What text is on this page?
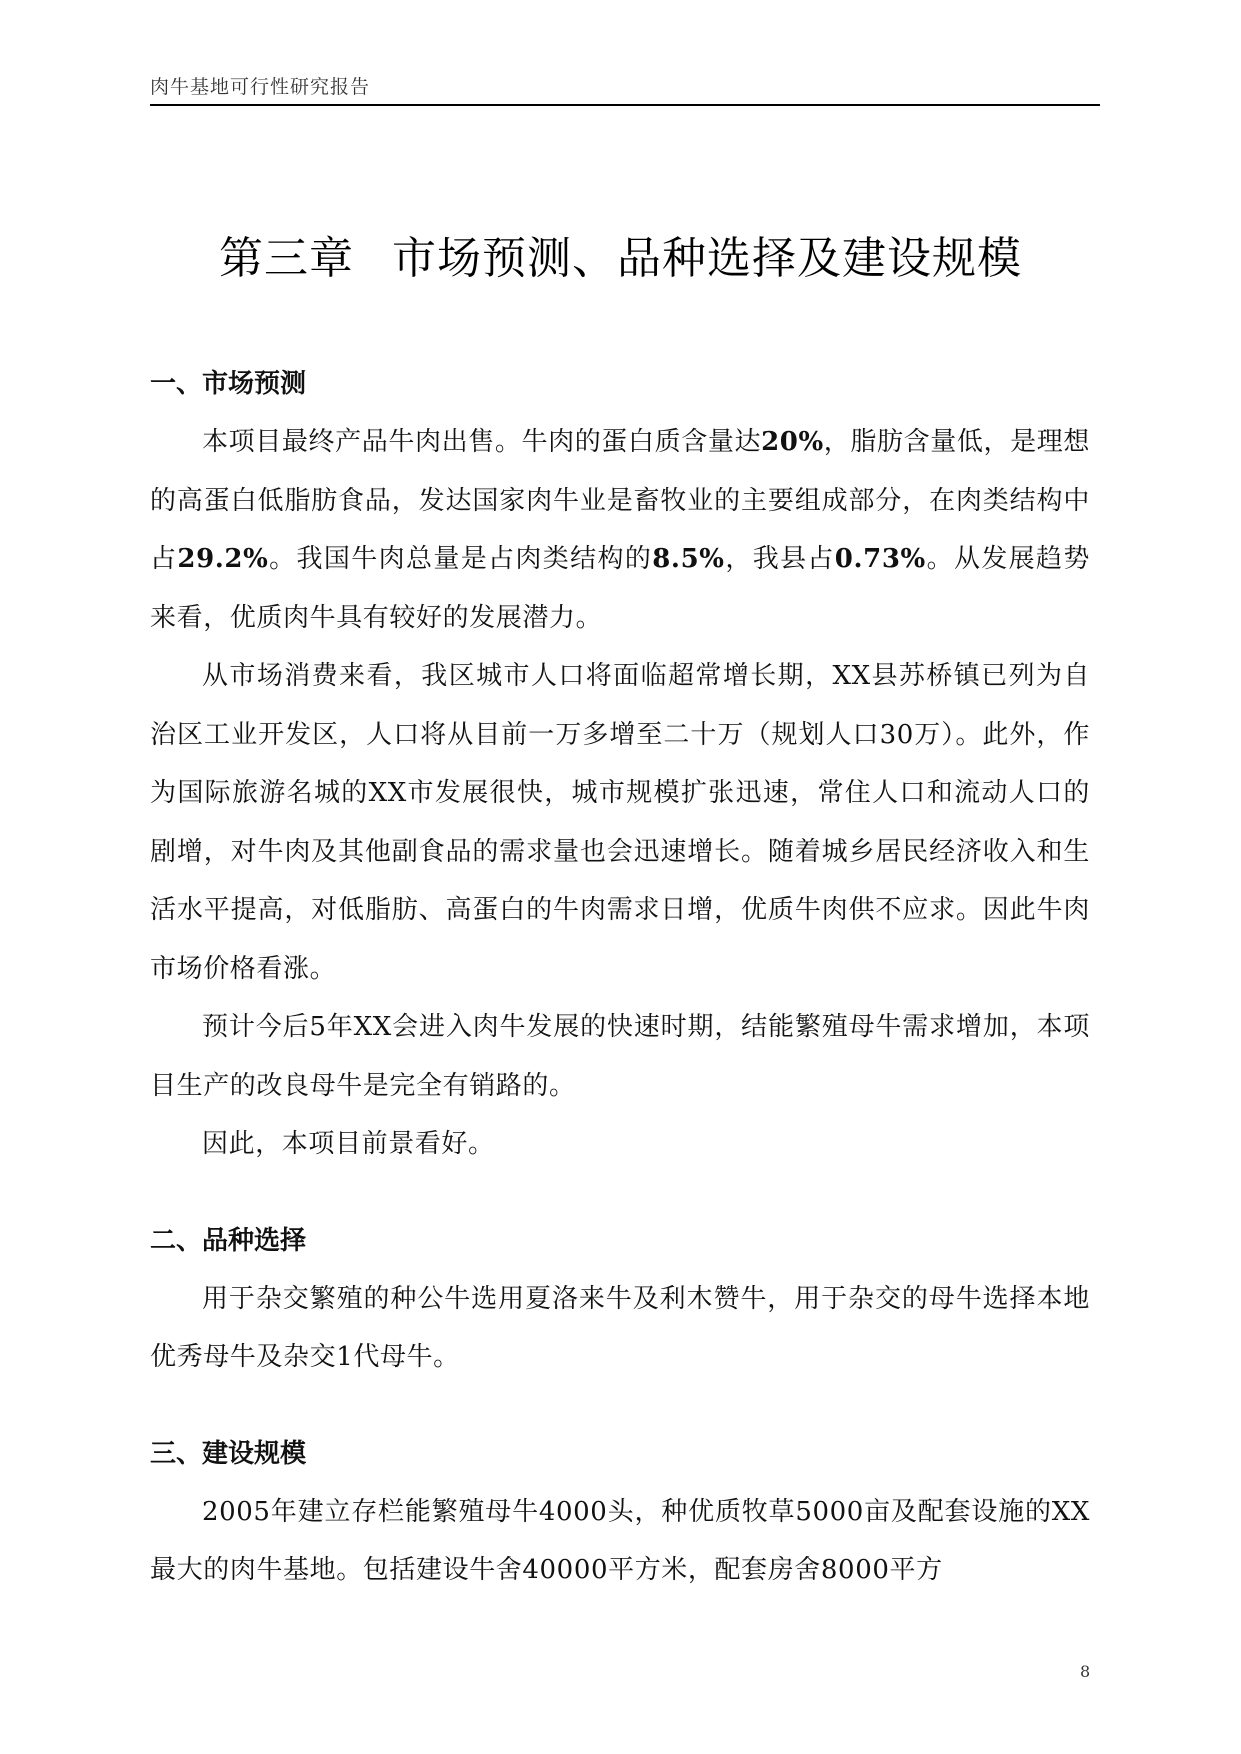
肉牛基地可行性研究报告
第三章 市场预测、品种选择及建设规模
一、市场预测

本项目最终产品牛肉出售。牛肉的蛋白质含量达20%，脂肪含量低，是理想的高蛋白低脂肪食品，发达国家肉牛业是畜牧业的主要组成部分，在肉类结构中占29.2%。我国牛肉总量是占肉类结构的8.5%，我县占0.73%。从发展趋势来看，优质肉牛具有较好的发展潜力。

从市场消费来看，我区城市人口将面临超常增长期，XX县苏桥镇已列为自治区工业开发区，人口将从目前一万多增至二十万（规划人口30万）。此外，作为国际旅游名城的XX市发展很快，城市规模扩张迅速，常住人口和流动人口的剧增，对牛肉及其他副食品的需求量也会迅速增长。随着城乡居民经济收入和生活水平提高，对低脂肪、高蛋白的牛肉需求日增，优质牛肉供不应求。因此牛肉市场价格看涨。

预计今后5年XX会进入肉牛发展的快速时期，结能繁殖母牛需求增加，本项目生产的改良母牛是完全有销路的。

因此，本项目前景看好。

二、品种选择

用于杂交繁殖的种公牛选用夏洛来牛及利木赞牛，用于杂交的母牛选择本地优秀母牛及杂交1代母牛。

三、建设规模

2005年建立存栏能繁殖母牛4000头，种优质牧草5000亩及配套设施的XX最大的肉牛基地。包括建设牛舍40000平方米，配套房舍8000平方

8
